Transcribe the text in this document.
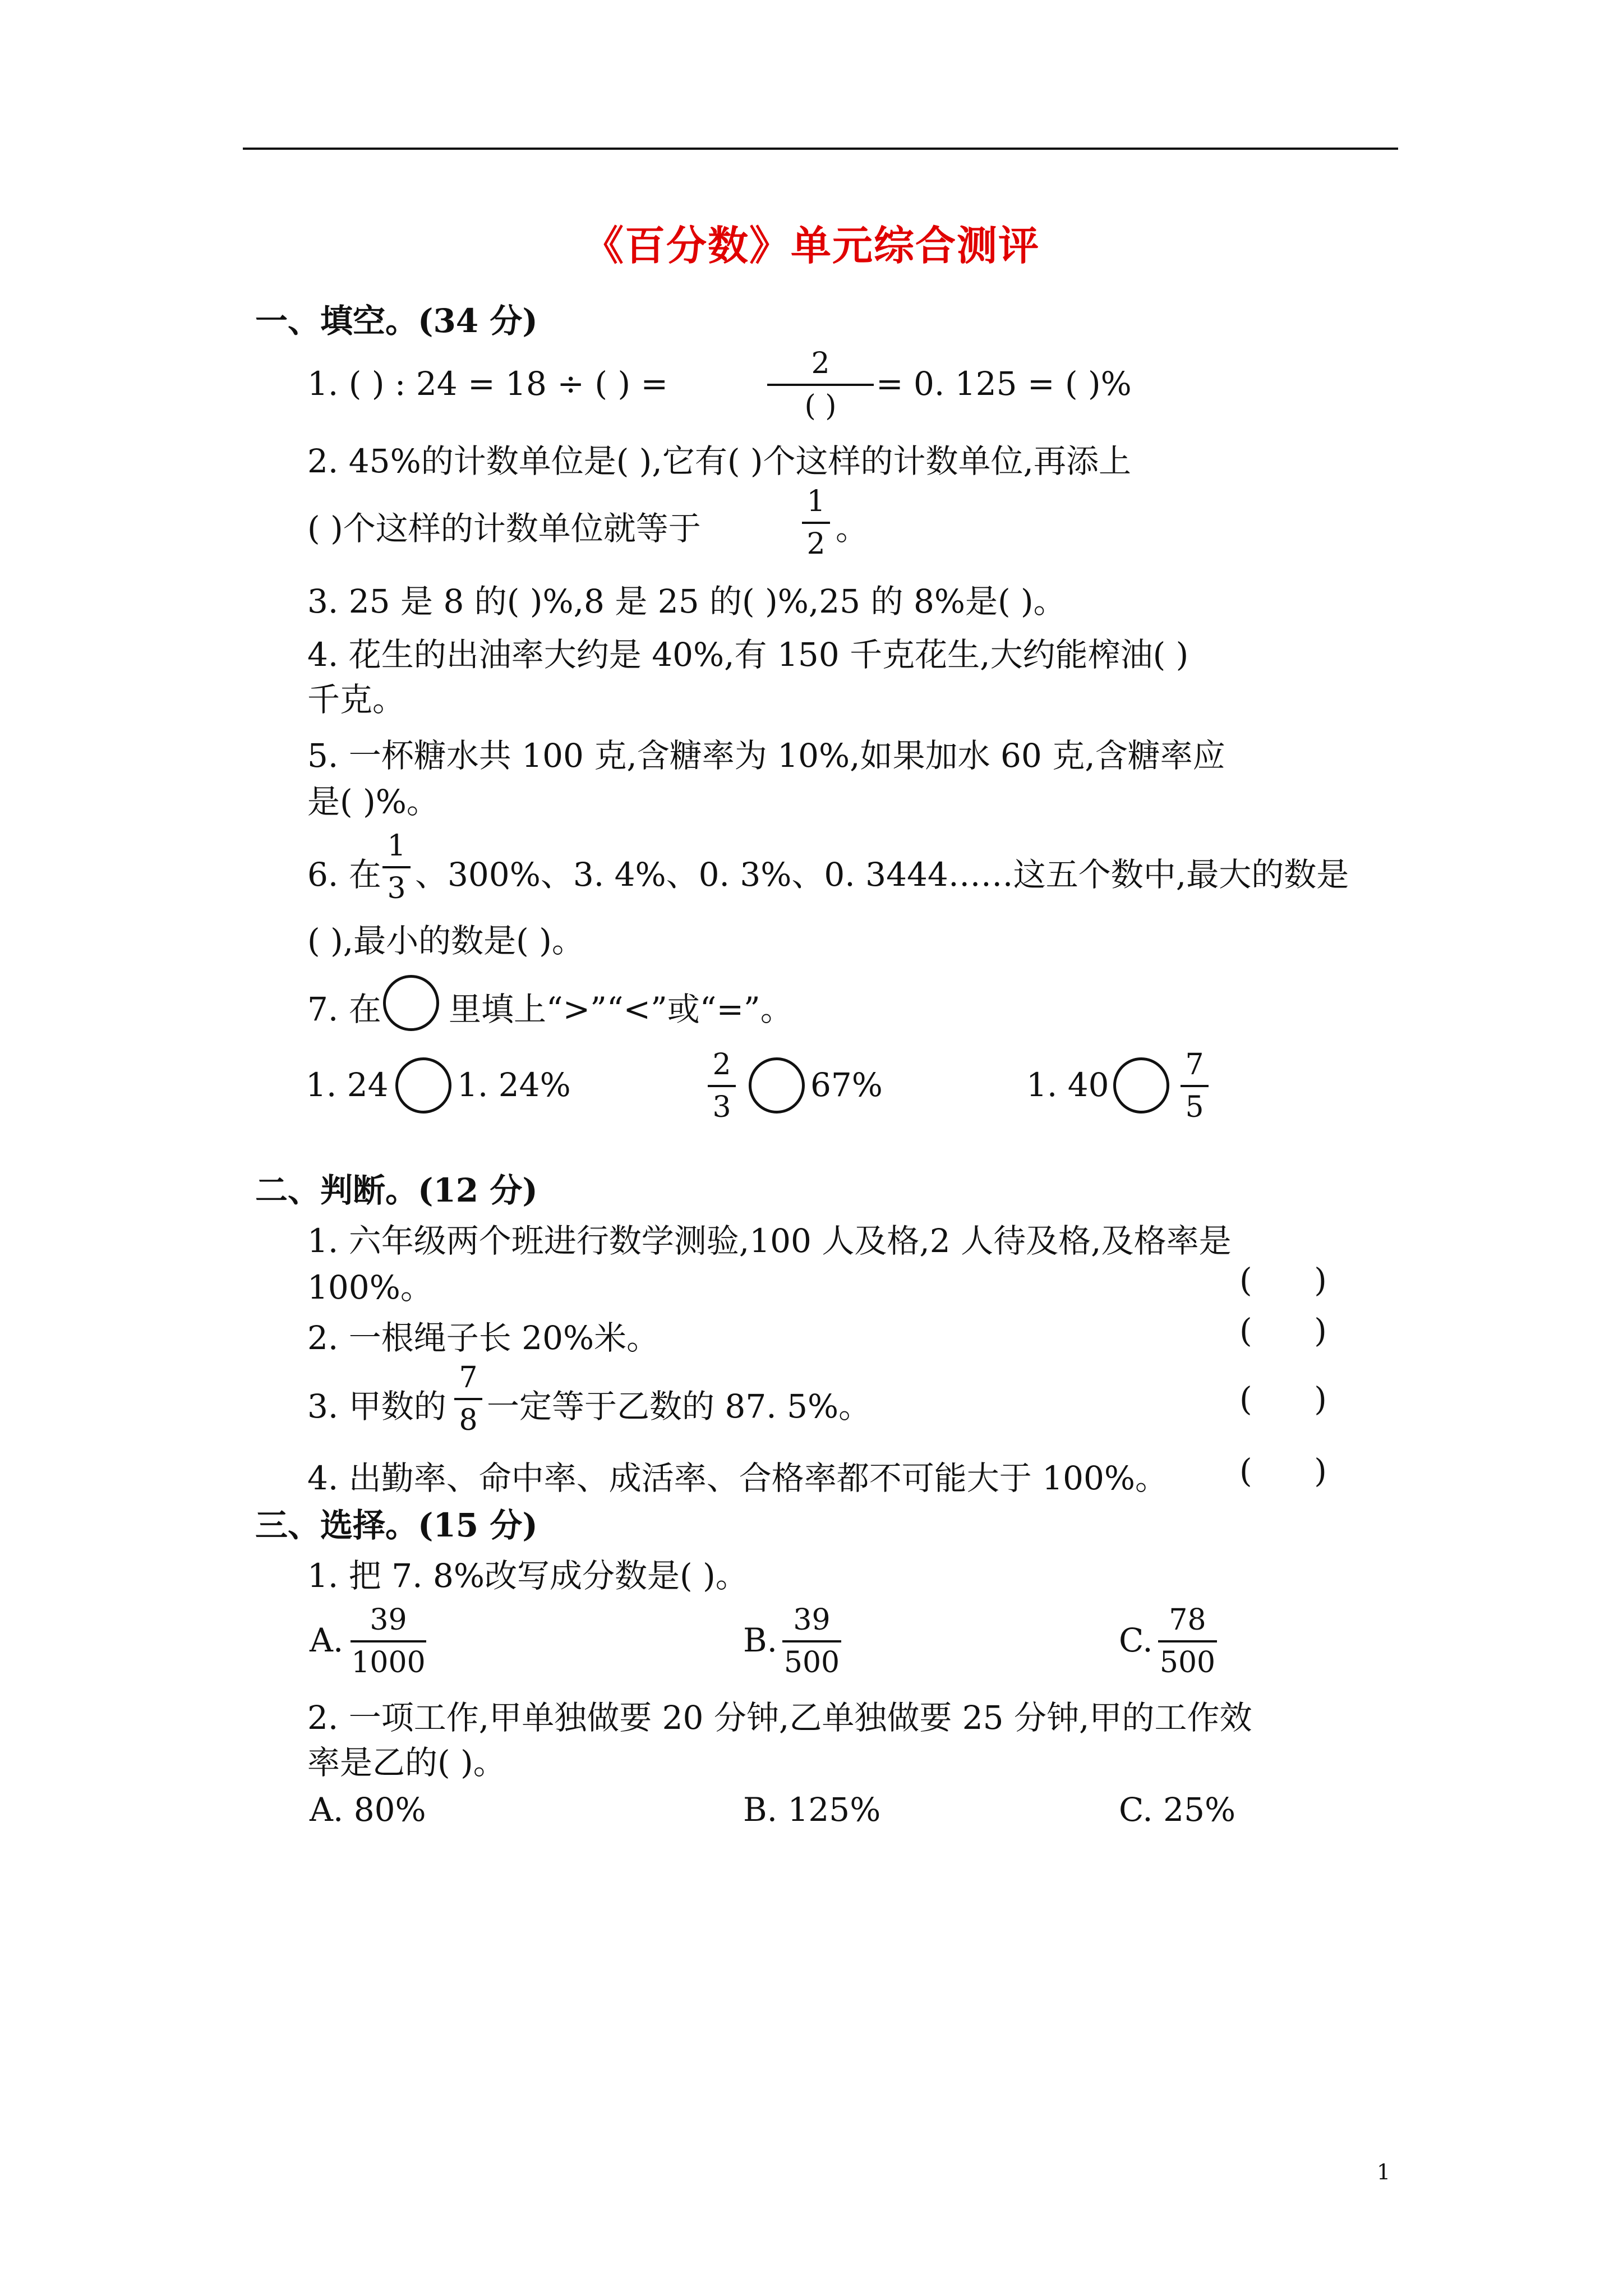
《百分数》单元综合测评
一、填空。(34 分)
1. ( ) : 24 = 18 ÷ ( ) =
2
( )
= 0. 125 = ( )%
2. 45%的计数单位是( ),它有( )个这样的计数单位,再添上
( )个这样的计数单位就等于
1
2 。
3. 25 是 8 的( )%,8 是 25 的( )%,25 的 8%是( )。
4. 花生的出油率大约是 40%,有 150 千克花生,大约能榨油( )
千克。
5. 一杯糖水共 100 克,含糖率为 10%,如果加水 60 克,含糖率应
是( )%。
6. 在
1
3 、300%、3. 4%、0. 3%、0. 3444……这五个数中,最大的数是
( ),最小的数是( )。
7. 在 里填上“>”“<”或“=”。
1. 24 1. 24%
2
3
67%	1. 40
7
5
二、判断。(12 分)
1. 六年级两个班进行数学测验,100 人及格,2 人待及格,及格率是
100%。	(      )
2. 一根绳子长 20%米。	(      )
3. 甲数的
7
8 一定等于乙数的 87. 5%。	(      )
4. 出勤率、命中率、成活率、合格率都不可能大于 100%。 (      )
三、选择。(15 分)
1. 把 7. 8%改写成分数是( )。
A.
39
1000
B.
39
500
C.
78
500
2. 一项工作,甲单独做要 20 分钟,乙单独做要 25 分钟,甲的工作效
率是乙的( )。
A. 80%	B. 125%	C. 25%
1
